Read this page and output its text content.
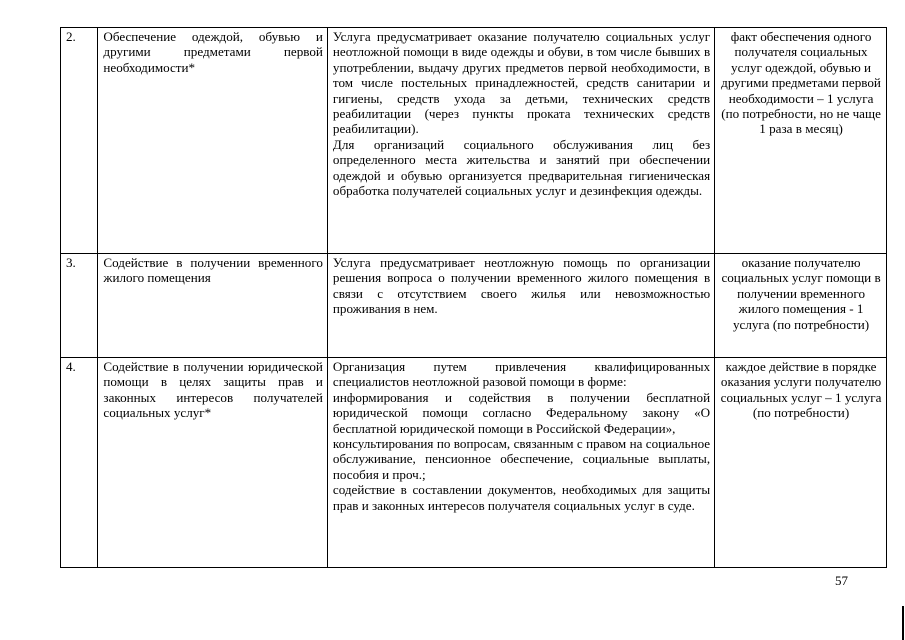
2.	Обеспечение одеждой, обувью и другими предметами первой необходимости*	Услуга предусматривает оказание получателю социальных услуг неотложной помощи в виде одежды и обуви, в том числе бывших в употреблении, выдачу других предметов первой необходимости, в том числе постельных принадлежностей, средств санитарии и гигиены, средств ухода за детьми, технических средств реабилитации (через пункты проката технических средств реабилитации).

Для организаций социального обслуживания лиц без определенного места жительства и занятий при обеспечении одеждой и обувью организуется предварительная гигиеническая обработка получателей социальных услуг и дезинфекция одежды.	факт обеспечения одного получателя социальных услуг одеждой, обувью и другими предметами первой необходимости – 1 услуга (по потребности, но не чаще 1 раза в месяц)
3.	Содействие в получении временного жилого помещения	Услуга предусматривает неотложную помощь по организации решения вопроса о получении временного жилого помещения в связи с отсутствием своего жилья или невозможностью проживания в нем.	оказание получателю социальных услуг помощи в получении временного жилого помещения - 1 услуга (по потребности)
4.	Содействие в получении юридической помощи в целях защиты прав и законных интересов получателей социальных услуг*	Организация путем привлечения квалифицированных специалистов неотложной разовой помощи в форме:

информирования и содействия в получении бесплатной юридической помощи согласно Федеральному закону «О бесплатной юридической помощи в Российской Федерации»,

консультирования по вопросам, связанным с правом на социальное обслуживание, пенсионное обеспечение, социальные выплаты, пособия и проч.;

содействие в составлении документов, необходимых для защиты прав и законных интересов получателя социальных услуг в суде.	каждое действие в порядке оказания услуги получателю социальных услуг – 1 услуга (по потребности)
57
